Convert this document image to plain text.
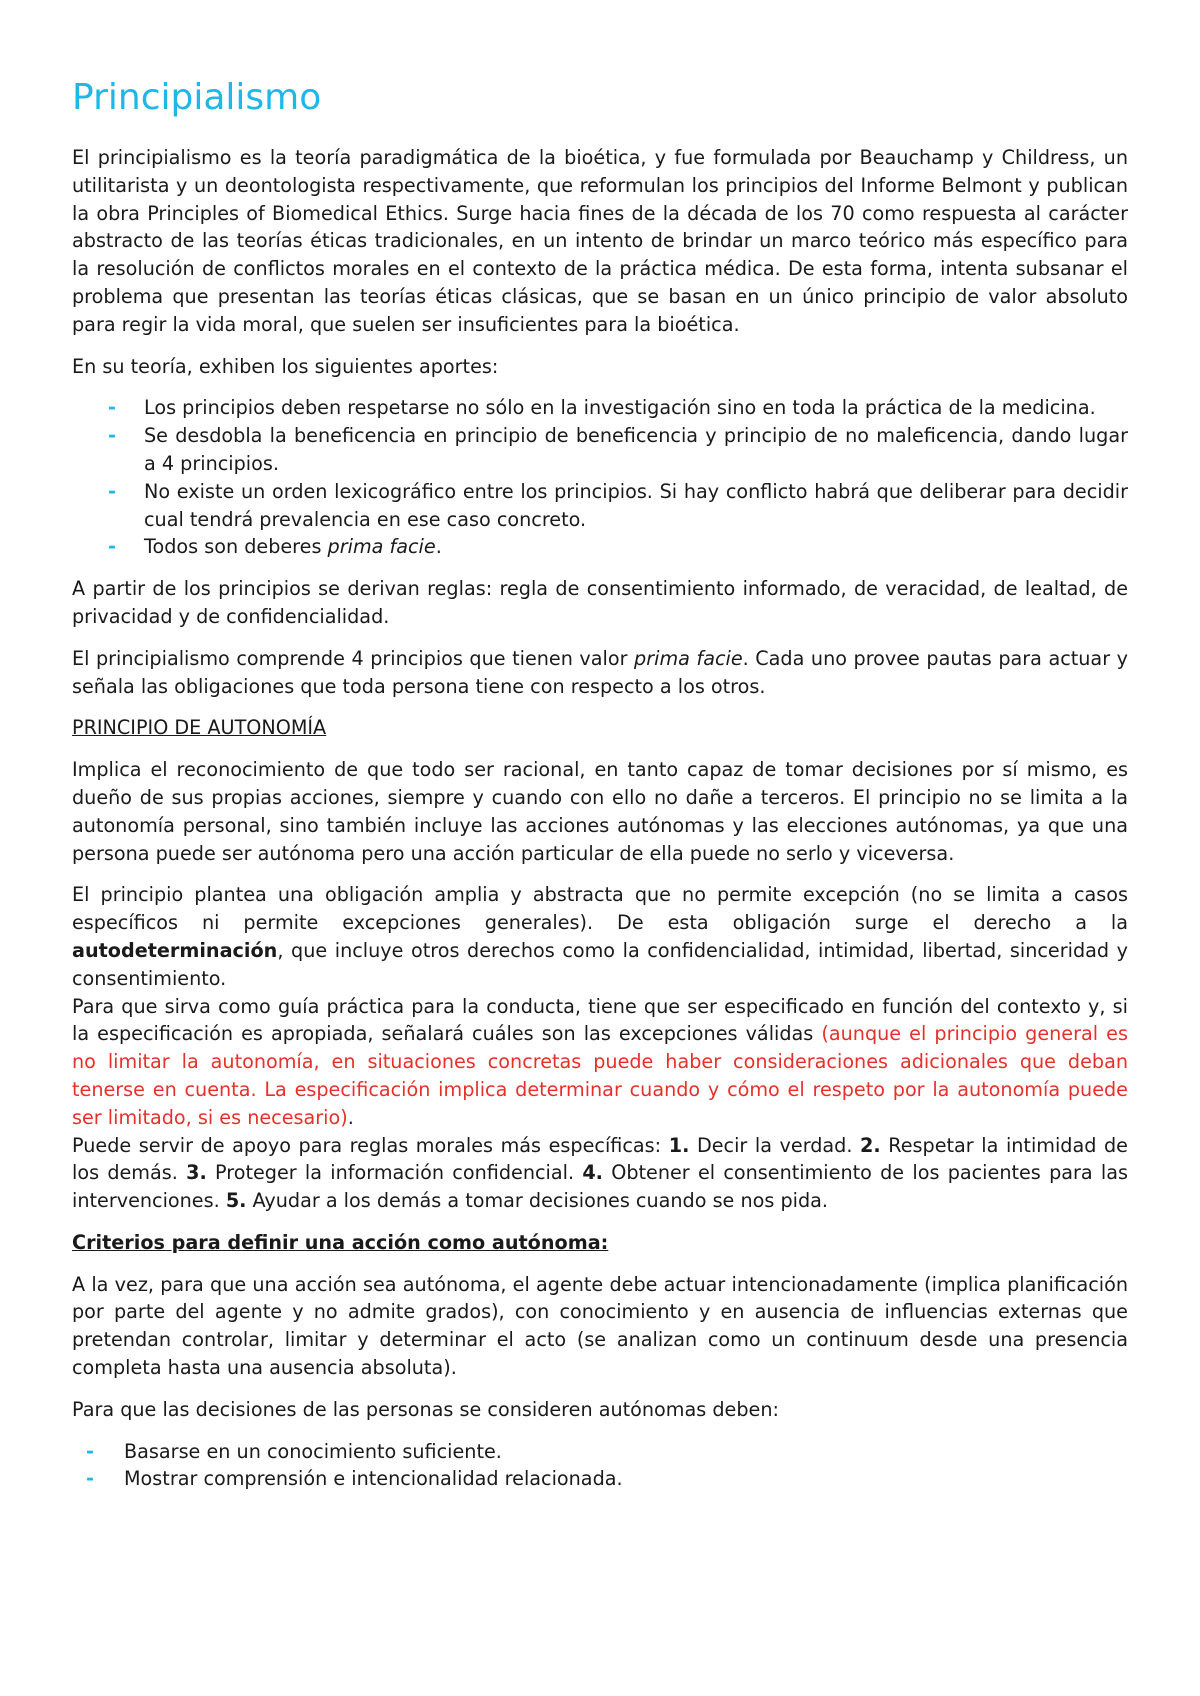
Principialismo

El principialismo es la teoría paradigmática de la bioética, y fue formulada por Beauchamp y Childress, un utilitarista y un deontologista respectivamente, que reformulan los principios del Informe Belmont y publican la obra Principles of Biomedical Ethics. Surge hacia fines de la década de los 70 como respuesta al carácter abstracto de las teorías éticas tradicionales, en un intento de brindar un marco teórico más específico para la resolución de conflictos morales en el contexto de la práctica médica. De esta forma, intenta subsanar el problema que presentan las teorías éticas clásicas, que se basan en un único principio de valor absoluto para regir la vida moral, que suelen ser insuficientes para la bioética.

En su teoría, exhiben los siguientes aportes:

- Los principios deben respetarse no sólo en la investigación sino en toda la práctica de la medicina.
- Se desdobla la beneficencia en principio de beneficencia y principio de no maleficencia, dando lugar a 4 principios.
- No existe un orden lexicográfico entre los principios. Si hay conflicto habrá que deliberar para decidir cual tendrá prevalencia en ese caso concreto.
- Todos son deberes prima facie.

A partir de los principios se derivan reglas: regla de consentimiento informado, de veracidad, de lealtad, de privacidad y de confidencialidad.

El principialismo comprende 4 principios que tienen valor prima facie. Cada uno provee pautas para actuar y señala las obligaciones que toda persona tiene con respecto a los otros.

PRINCIPIO DE AUTONOMÍA

Implica el reconocimiento de que todo ser racional, en tanto capaz de tomar decisiones por sí mismo, es dueño de sus propias acciones, siempre y cuando con ello no dañe a terceros. El principio no se limita a la autonomía personal, sino también incluye las acciones autónomas y las elecciones autónomas, ya que una persona puede ser autónoma pero una acción particular de ella puede no serlo y viceversa.

El principio plantea una obligación amplia y abstracta que no permite excepción (no se limita a casos específicos ni permite excepciones generales). De esta obligación surge el derecho a la autodeterminación, que incluye otros derechos como la confidencialidad, intimidad, libertad, sinceridad y consentimiento.

Para que sirva como guía práctica para la conducta, tiene que ser especificado en función del contexto y, si la especificación es apropiada, señalará cuáles son las excepciones válidas (aunque el principio general es no limitar la autonomía, en situaciones concretas puede haber consideraciones adicionales que deban tenerse en cuenta. La especificación implica determinar cuando y cómo el respeto por la autonomía puede ser limitado, si es necesario).

Puede servir de apoyo para reglas morales más específicas: 1. Decir la verdad. 2. Respetar la intimidad de los demás. 3. Proteger la información confidencial. 4. Obtener el consentimiento de los pacientes para las intervenciones. 5. Ayudar a los demás a tomar decisiones cuando se nos pida.

Criterios para definir una acción como autónoma:

A la vez, para que una acción sea autónoma, el agente debe actuar intencionadamente (implica planificación por parte del agente y no admite grados), con conocimiento y en ausencia de influencias externas que pretendan controlar, limitar y determinar el acto (se analizan como un continuum desde una presencia completa hasta una ausencia absoluta).

Para que las decisiones de las personas se consideren autónomas deben:

- Basarse en un conocimiento suficiente.
- Mostrar comprensión e intencionalidad relacionada.
